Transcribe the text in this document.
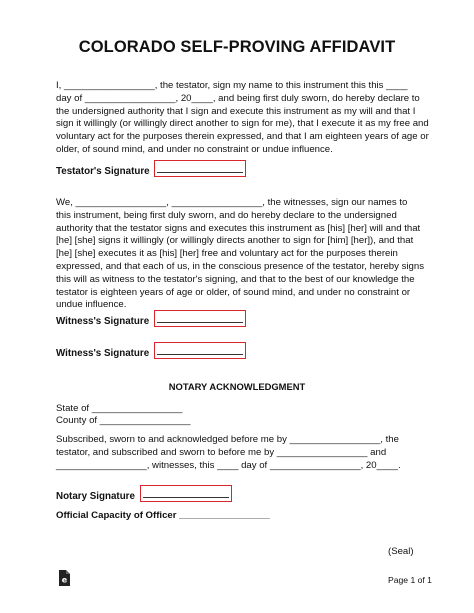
COLORADO SELF-PROVING AFFIDAVIT

I, _________________, the testator, sign my name to this instrument this this ____
day of _________________, 20____, and being first duly sworn, do hereby declare to
the undersigned authority that I sign and execute this instrument as my will and that I
sign it willingly (or willingly direct another to sign for me), that I execute it as my free and
voluntary act for the purposes therein expressed, and that I am eighteen years of age or
older, of sound mind, and under no constraint or undue influence.

Testator's Signature

We, _________________, _________________, the witnesses, sign our names to
this instrument, being first duly sworn, and do hereby declare to the undersigned
authority that the testator signs and executes this instrument as [his] [her] will and that
[he] [she] signs it willingly (or willingly directs another to sign for [him] [her]), and that
[he] [she] executes it as [his] [her] free and voluntary act for the purposes therein
expressed, and that each of us, in the conscious presence of the testator, hereby signs
this will as witness to the testator's signing, and that to the best of our knowledge the
testator is eighteen years of age or older, of sound mind, and under no constraint or
undue influence.

Witness's Signature
Witness's Signature
NOTARY ACKNOWLEDGMENT
State of _________________
County of _________________

Subscribed, sworn to and acknowledged before me by _________________, the
testator, and subscribed and sworn to before me by _________________ and
_________________, witnesses, this ____ day of _________________, 20____.

Notary Signature
Official Capacity of Officer _________________
(Seal)
e	Page 1 of 1
